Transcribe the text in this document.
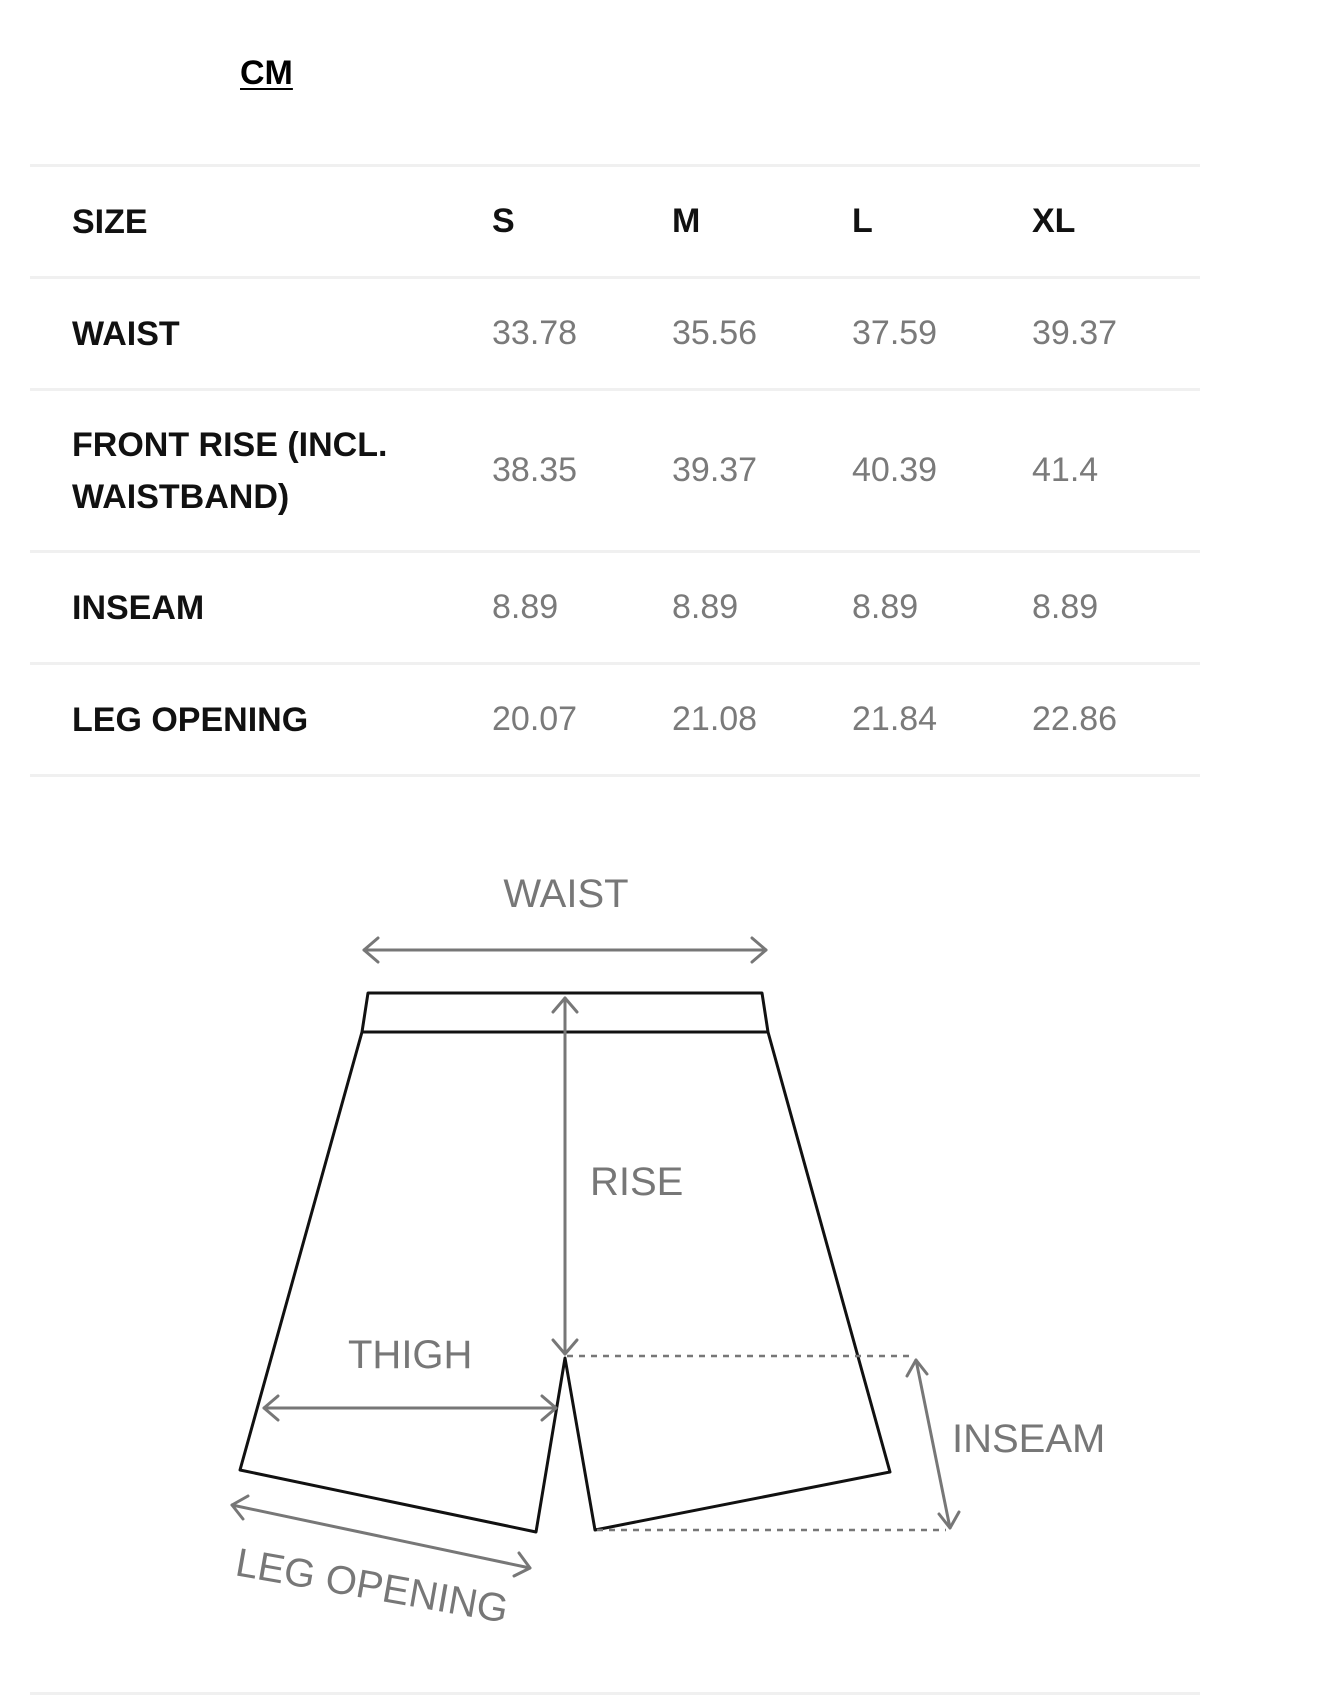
CM
SIZE	S	M	L	XL
WAIST	33.78	35.56	37.59	39.37
FRONT RISE (INCL. WAISTBAND)	38.35	39.37	40.39	41.4
INSEAM	8.89	8.89	8.89	8.89
LEG OPENING	20.07	21.08	21.84	22.86
WAIST
RISE
THIGH
INSEAM
LEG OPENING
